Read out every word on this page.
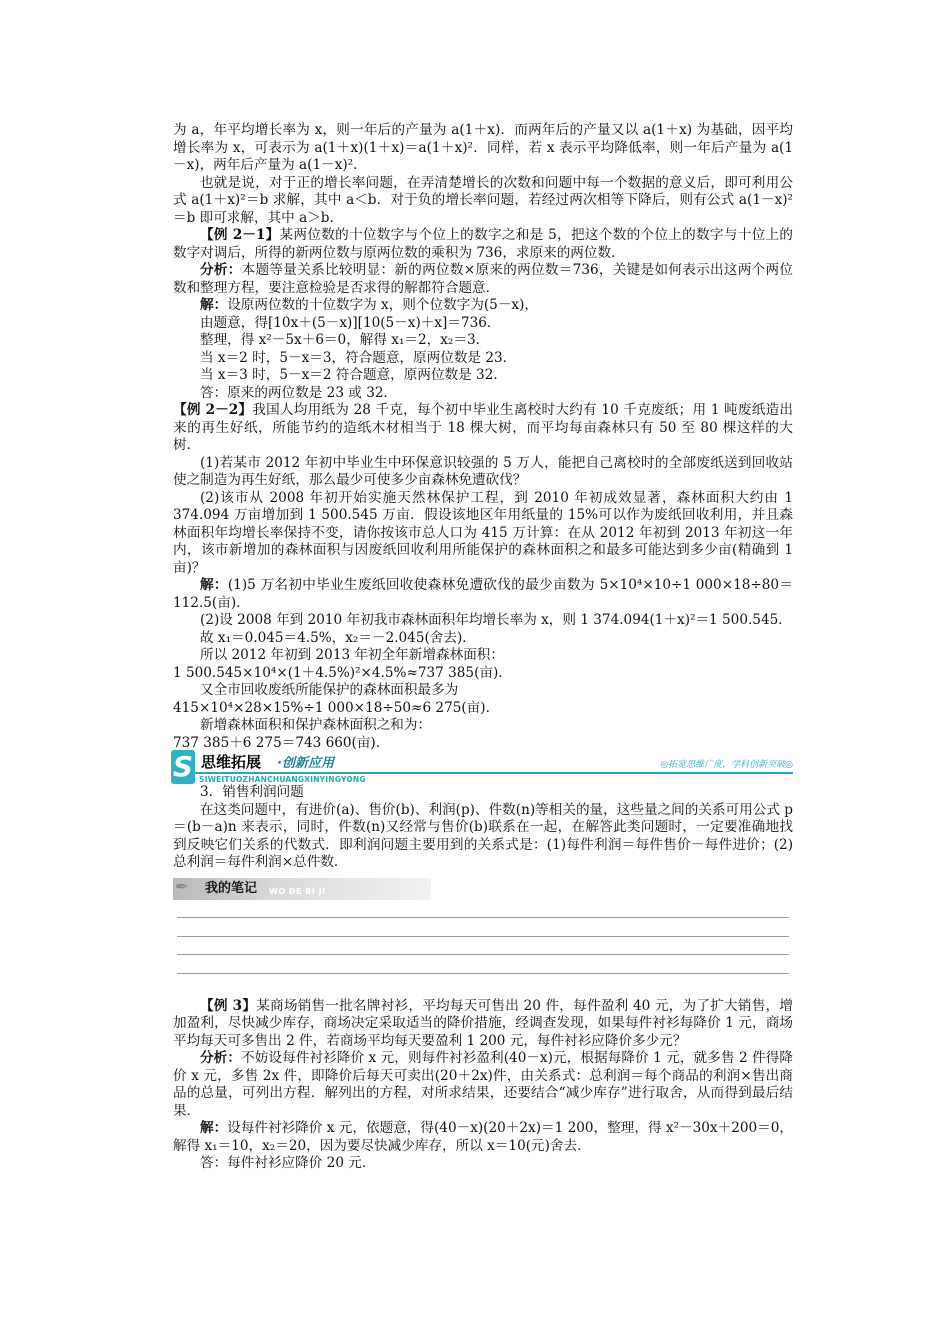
为 a，年平均增长率为 x，则一年后的产量为 a(1＋x)．而两年后的产量又以 a(1＋x) 为基础，因平均增长率为 x，可表示为 a(1＋x)(1＋x)＝a(1＋x)²．同样，若 x 表示平均降低率，则一年后产量为 a(1－x)，两年后产量为 a(1－x)²．

也就是说，对于正的增长率问题，在弄清楚增长的次数和问题中每一个数据的意义后，即可利用公式 a(1＋x)²＝b 求解，其中 a＜b．对于负的增长率问题，若经过两次相等下降后，则有公式 a(1－x)²＝b 即可求解，其中 a＞b．

【例 2－1】某两位数的十位数字与个位上的数字之和是 5，把这个数的个位上的数字与十位上的数字对调后，所得的新两位数与原两位数的乘积为 736，求原来的两位数．

分析：本题等量关系比较明显：新的两位数×原来的两位数＝736，关键是如何表示出这两个两位数和整理方程，要注意检验是否求得的解都符合题意．

解：设原两位数的十位数字为 x，则个位数字为(5－x)，

由题意，得[10x＋(5－x)][10(5－x)＋x]＝736．

整理，得 x²－5x＋6＝0，解得 x₁＝2，x₂＝3．

当 x＝2 时，5－x＝3，符合题意，原两位数是 23．

当 x＝3 时，5－x＝2 符合题意，原两位数是 32．

答：原来的两位数是 23 或 32．

【例 2－2】我国人均用纸为 28 千克，每个初中毕业生离校时大约有 10 千克废纸；用 1 吨废纸造出来的再生好纸，所能节约的造纸木材相当于 18 棵大树，而平均每亩森林只有 50 至 80 棵这样的大树．

(1)若某市 2012 年初中毕业生中环保意识较强的 5 万人，能把自己离校时的全部废纸送到回收站使之制造为再生好纸，那么最少可使多少亩森林免遭砍伐？

(2)该市从 2008 年初开始实施天然林保护工程，到 2010 年初成效显著，森林面积大约由 1 374.094 万亩增加到 1 500.545 万亩．假设该地区年用纸量的 15%可以作为废纸回收利用，并且森林面积年均增长率保持不变，请你按该市总人口为 415 万计算：在从 2012 年初到 2013 年初这一年内，该市新增加的森林面积与因废纸回收利用所能保护的森林面积之和最多可能达到多少亩(精确到 1 亩)？

解：(1)5 万名初中毕业生废纸回收使森林免遭砍伐的最少亩数为 5×10⁴×10÷1 000×18÷80＝112.5(亩)．

(2)设 2008 年到 2010 年初我市森林面积年均增长率为 x，则 1 374.094(1＋x)²＝1 500.545．

故 x₁＝0.045＝4.5%，x₂＝－2.045(舍去)．

所以 2012 年初到 2013 年初全年新增森林面积：

1 500.545×10⁴×(1＋4.5%)²×4.5%≈737 385(亩)．

又全市回收废纸所能保护的森林面积最多为

415×10⁴×28×15%÷1 000×18÷50≈6 275(亩)．

新增森林面积和保护森林面积之和为：

737 385＋6 275＝743 660(亩)．

S 思维拓展 ·创新应用
SIWEITUOZHANCHUANGXINYINGYONG
◎拓宽思维广度，学科创新突破◎

3．销售利润问题

在这类问题中，有进价(a)、售价(b)、利润(p)、件数(n)等相关的量，这些量之间的关系可用公式 p＝(b－a)n 来表示，同时，件数(n)又经常与售价(b)联系在一起，在解答此类问题时，一定要准确地找到反映它们关系的代数式．即利润问题主要用到的关系式是：(1)每件利润＝每件售价－每件进价；(2)总利润＝每件利润×总件数．

✒ 我的笔记 WO DE BI JI

【例 3】某商场销售一批名牌衬衫，平均每天可售出 20 件，每件盈利 40 元，为了扩大销售，增加盈利，尽快减少库存，商场决定采取适当的降价措施，经调查发现，如果每件衬衫每降价 1 元，商场平均每天可多售出 2 件，若商场平均每天要盈利 1 200 元，每件衬衫应降价多少元？

分析：不妨设每件衬衫降价 x 元，则每件衬衫盈利(40－x)元，根据每降价 1 元，就多售 2 件得降价 x 元，多售 2x 件，即降价后每天可卖出(20＋2x)件，由关系式：总利润＝每个商品的利润×售出商品的总量，可列出方程．解列出的方程，对所求结果，还要结合“减少库存”进行取舍，从而得到最后结果．

解：设每件衬衫降价 x 元，依题意，得(40－x)(20＋2x)＝1 200，整理，得 x²－30x＋200＝0，解得 x₁＝10，x₂＝20，因为要尽快减少库存，所以 x＝10(元)舍去．

答：每件衬衫应降价 20 元．
